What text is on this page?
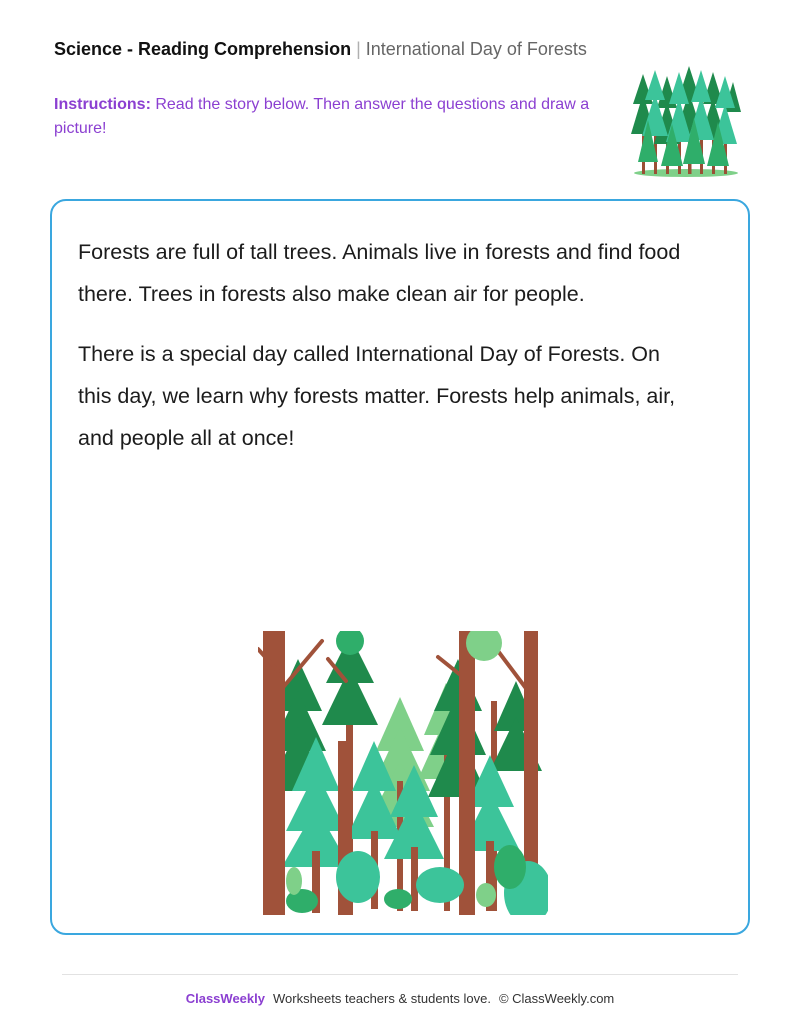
Science - Reading Comprehension | International Day of Forests
Instructions: Read the story below. Then answer the questions and draw a picture!

Forests are full of tall trees. Animals live in forests and find food there. Trees in forests also make clean air for people.

There is a special day called International Day of Forests. On this day, we learn why forests matter. Forests help animals, air, and people all at once!

ClassWeekly Worksheets teachers & students love. © ClassWeekly.com
